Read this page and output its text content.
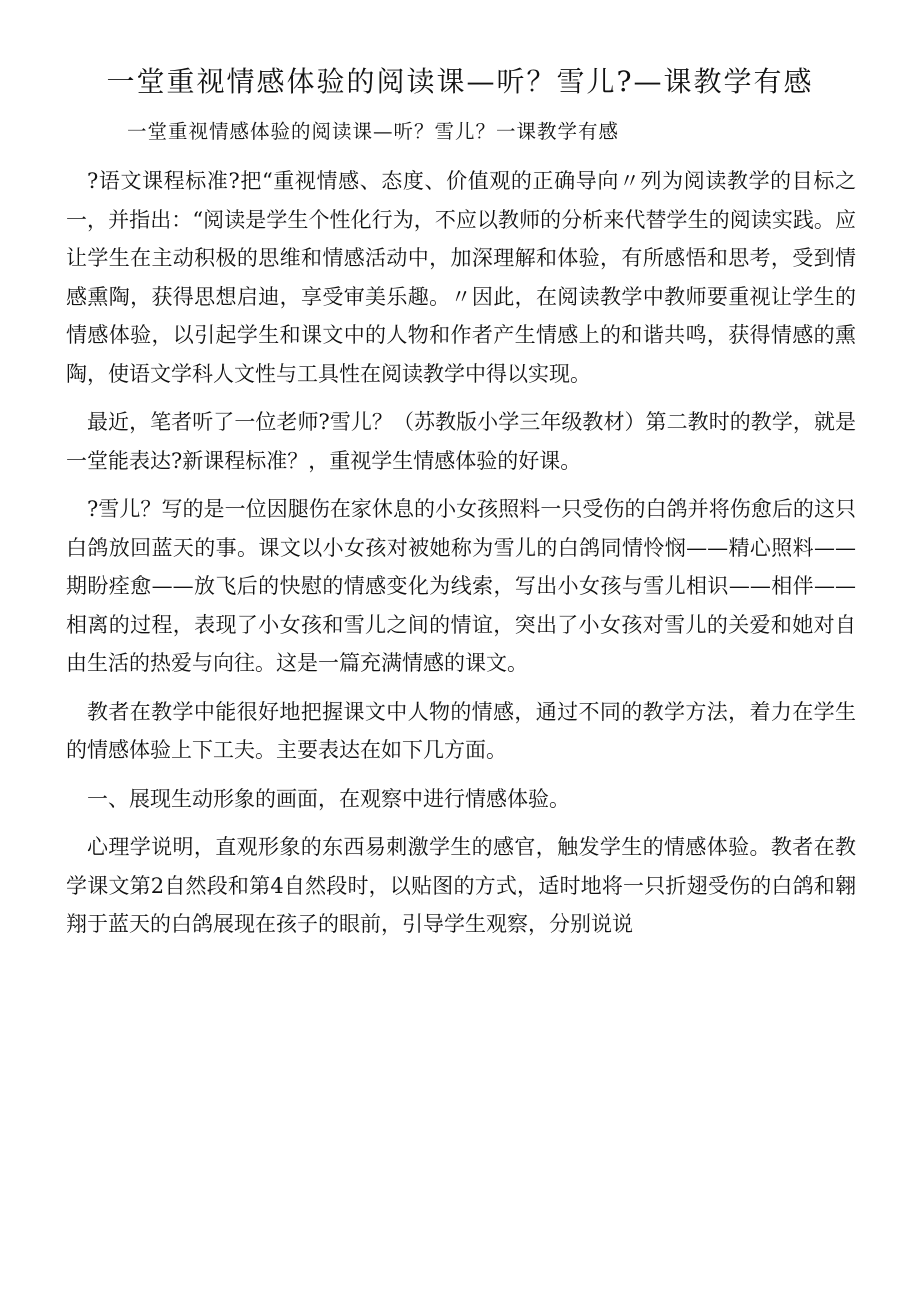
一堂重视情感体验的阅读课—听？雪儿?—课教学有感
一堂重视情感体验的阅读课—听？雪儿？一课教学有感

?语文课程标准?把“重视情感、态度、价值观的正确导向〃列为阅读教学的目标之一，并指出：“阅读是学生个性化行为，不应以教师的分析来代替学生的阅读实践。应让学生在主动积极的思维和情感活动中，加深理解和体验，有所感悟和思考，受到情感熏陶，获得思想启迪，享受审美乐趣。〃因此，在阅读教学中教师要重视让学生的情感体验，以引起学生和课文中的人物和作者产生情感上的和谐共鸣，获得情感的熏陶，使语文学科人文性与工具性在阅读教学中得以实现。

最近，笔者听了一位老师?雪儿？（苏教版小学三年级教材）第二教时的教学，就是一堂能表达?新课程标准？，重视学生情感体验的好课。

?雪儿？写的是一位因腿伤在家休息的小女孩照料一只受伤的白鸽并将伤愈后的这只白鸽放回蓝天的事。课文以小女孩对被她称为雪儿的白鸽同情怜悯——精心照料——期盼痊愈——放飞后的快慰的情感变化为线索，写出小女孩与雪儿相识——相伴——相离的过程，表现了小女孩和雪儿之间的情谊，突出了小女孩对雪儿的关爱和她对自由生活的热爱与向往。这是一篇充满情感的课文。

教者在教学中能很好地把握课文中人物的情感，通过不同的教学方法，着力在学生的情感体验上下工夫。主要表达在如下几方面。

一、展现生动形象的画面，在观察中进行情感体验。

心理学说明，直观形象的东西易刺激学生的感官，触发学生的情感体验。教者在教学课文第2自然段和第4自然段时，以贴图的方式，适时地将一只折翅受伤的白鸽和翱翔于蓝天的白鸽展现在孩子的眼前，引导学生观察，分别说说
